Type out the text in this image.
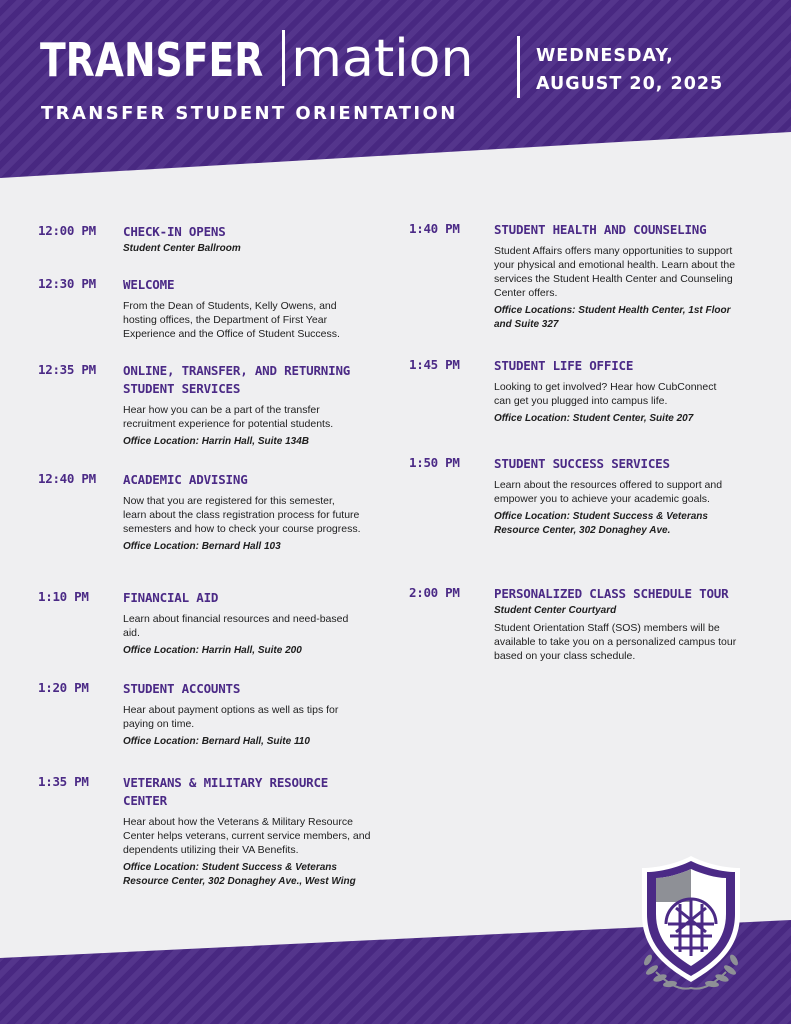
TRANSFER mation
TRANSFER STUDENT ORIENTATION
WEDNESDAY,
AUGUST 20, 2025
12:00 PM CHECK-IN OPENS
Student Center Ballroom
12:30 PM WELCOME
From the Dean of Students, Kelly Owens, and hosting offices, the Department of First Year Experience and the Office of Student Success.
12:35 PM ONLINE, TRANSFER, AND RETURNING STUDENT SERVICES
Hear how you can be a part of the transfer recruitment experience for potential students.
Office Location: Harrin Hall, Suite 134B
12:40 PM ACADEMIC ADVISING
Now that you are registered for this semester, learn about the class registration process for future semesters and how to check your course progress.
Office Location: Bernard Hall 103
1:10 PM	FINANCIAL AID
Learn about financial resources and need-based aid.
Office Location: Harrin Hall, Suite 200
1:20 PM	STUDENT ACCOUNTS
Hear about payment options as well as tips for paying on time.
Office Location: Bernard Hall, Suite 110
1:35 PM	VETERANS & MILITARY RESOURCE CENTER
Hear about how the Veterans & Military Resource Center helps veterans, current service members, and dependents utilizing their VA Benefits.
Office Location: Student Success & Veterans Resource Center, 302 Donaghey Ave., West Wing
1:40 PM	STUDENT HEALTH AND COUNSELING
Student Affairs offers many opportunities to support your physical and emotional health. Learn about the services the Student Health Center and Counseling Center offers.
Office Locations: Student Health Center, 1st Floor and Suite 327
1:45 PM	STUDENT LIFE OFFICE
Looking to get involved? Hear how CubConnect can get you plugged into campus life.
Office Location: Student Center, Suite 207
1:50 PM	STUDENT SUCCESS SERVICES
Learn about the resources offered to support and empower you to achieve your academic goals.
Office Location: Student Success & Veterans Resource Center, 302 Donaghey Ave.
2:00 PM	PERSONALIZED CLASS SCHEDULE TOUR
Student Center Courtyard
Student Orientation Staff (SOS) members will be available to take you on a personalized campus tour based on your class schedule.
